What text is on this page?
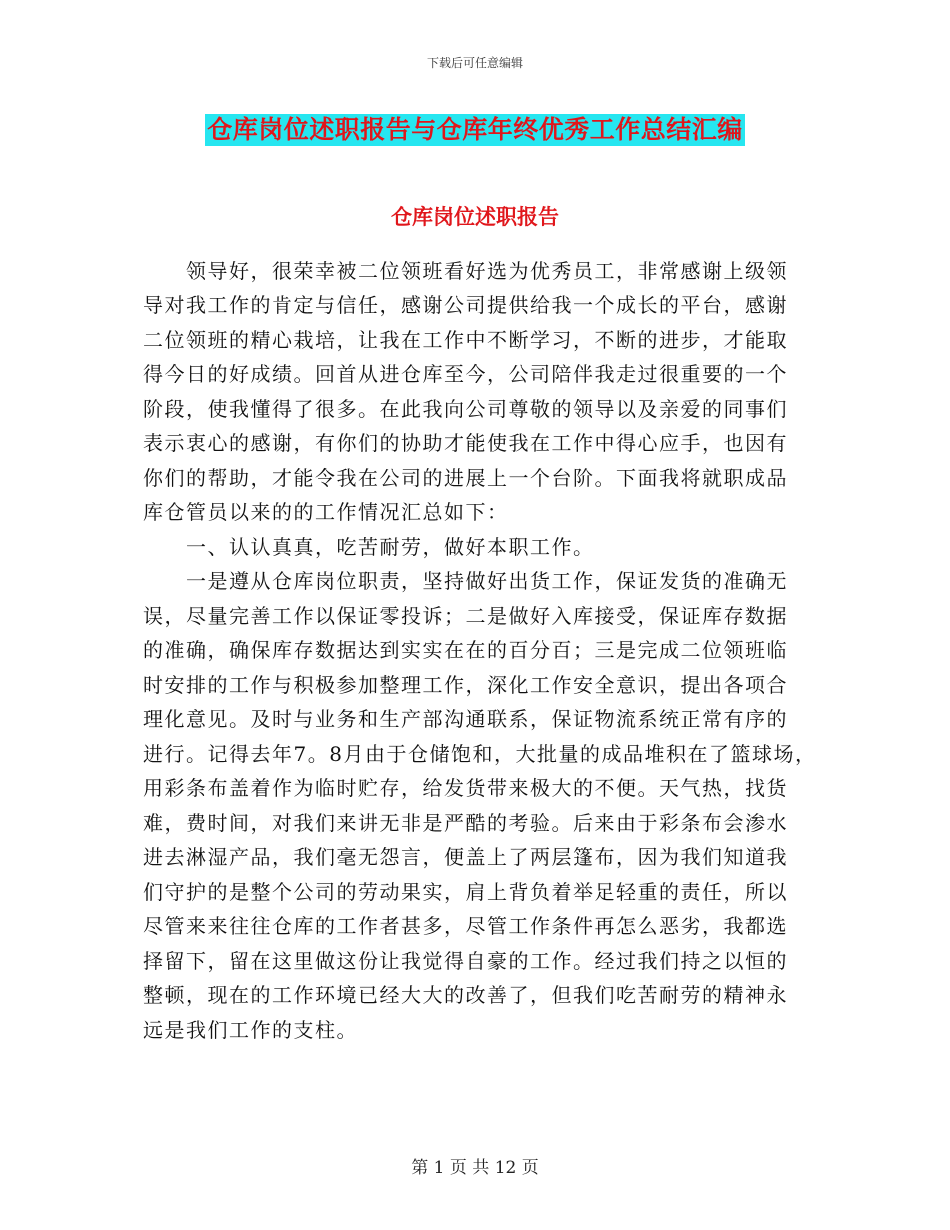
下载后可任意编辑
仓库岗位述职报告与仓库年终优秀工作总结汇编
仓库岗位述职报告

　　领导好，很荣幸被二位领班看好选为优秀员工，非常感谢上级领
导对我工作的肯定与信任，感谢公司提供给我一个成长的平台，感谢
二位领班的精心栽培，让我在工作中不断学习，不断的进步，才能取
得今日的好成绩。回首从进仓库至今，公司陪伴我走过很重要的一个
阶段，使我懂得了很多。在此我向公司尊敬的领导以及亲爱的同事们
表示衷心的感谢，有你们的协助才能使我在工作中得心应手，也因有
你们的帮助，才能令我在公司的进展上一个台阶。下面我将就职成品
库仓管员以来的的工作情况汇总如下：
　　一、认认真真，吃苦耐劳，做好本职工作。
　　一是遵从仓库岗位职责，坚持做好出货工作，保证发货的准确无
误，尽量完善工作以保证零投诉；二是做好入库接受，保证库存数据
的准确，确保库存数据达到实实在在的百分百；三是完成二位领班临
时安排的工作与积极参加整理工作，深化工作安全意识，提出各项合
理化意见。及时与业务和生产部沟通联系，保证物流系统正常有序的
进行。记得去年7。8月由于仓储饱和，大批量的成品堆积在了篮球场，
用彩条布盖着作为临时贮存，给发货带来极大的不便。天气热，找货
难，费时间，对我们来讲无非是严酷的考验。后来由于彩条布会渗水
进去淋湿产品，我们毫无怨言，便盖上了两层篷布，因为我们知道我
们守护的是整个公司的劳动果实，肩上背负着举足轻重的责任，所以
尽管来来往往仓库的工作者甚多，尽管工作条件再怎么恶劣，我都选
择留下，留在这里做这份让我觉得自豪的工作。经过我们持之以恒的
整顿，现在的工作环境已经大大的改善了，但我们吃苦耐劳的精神永
远是我们工作的支柱。
第 1 页 共 12 页
